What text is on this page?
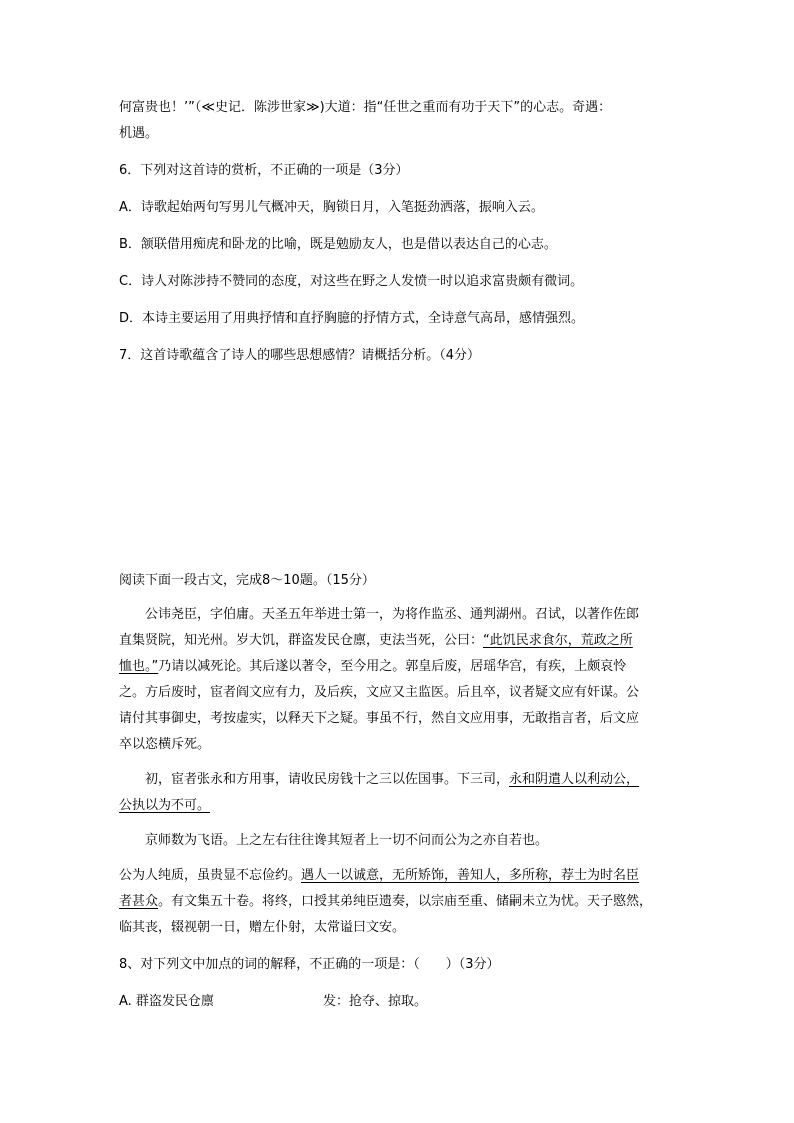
何富贵也！’”（≪史记．陈涉世家≫)大道：指“任世之重而有功于天下”的心志。奇遇：
机遇。
6．下列对这首诗的赏析，不正确的一项是（3分）
A．诗歌起始两句写男儿气概冲天，胸锁日月，入笔挺劲洒落，振响入云。
B．颔联借用痴虎和卧龙的比喻，既是勉励友人，也是借以表达自己的心志。
C．诗人对陈涉持不赞同的态度，对这些在野之人发愤一时以追求富贵颇有微词。
D．本诗主要运用了用典抒情和直抒胸臆的抒情方式，全诗意气高昂，感情强烈。
7．这首诗歌蕴含了诗人的哪些思想感情？请概括分析。（4分）
阅读下面一段古文，完成8～10题。（15分）
　　公讳尧臣，字伯庸。天圣五年举进士第一，为将作监丞、通判湖州。召试，以著作佐郎
直集贤院，知光州。岁大饥，群盗发民仓廪，吏法当死，公曰：“此饥民求食尔，荒政之所
恤也。”乃请以减死论。其后遂以著令，至今用之。郭皇后废，居瑶华宫，有疾，上颇哀怜
之。方后废时，宦者阎文应有力，及后疾，文应又主监医。后且卒，议者疑文应有奸谋。公
请付其事御史，考按虚实，以释天下之疑。事虽不行，然自文应用事，无敢指言者，后文应
卒以恣横斥死。
　　初，宦者张永和方用事，请收民房钱十之三以佐国事。下三司，永和阴遣人以利动公，
公执以为不可。
　　京师数为飞语。上之左右往往谗其短者上一切不问而公为之亦自若也。
公为人纯质，虽贵显不忘俭约。遇人一以诚意，无所矫饰，善知人，多所称，荐士为时名臣
者甚众。有文集五十卷。将终，口授其弟纯臣遗奏，以宗庙至重、储嗣未立为忧。天子愍然，
临其丧，辍视朝一日，赠左仆射，太常谥曰文安。
8、对下列文中加点的词的解释，不正确的一项是：（　　）（3分）
A. 群盗发民仓廪	发：抢夺、掠取。
